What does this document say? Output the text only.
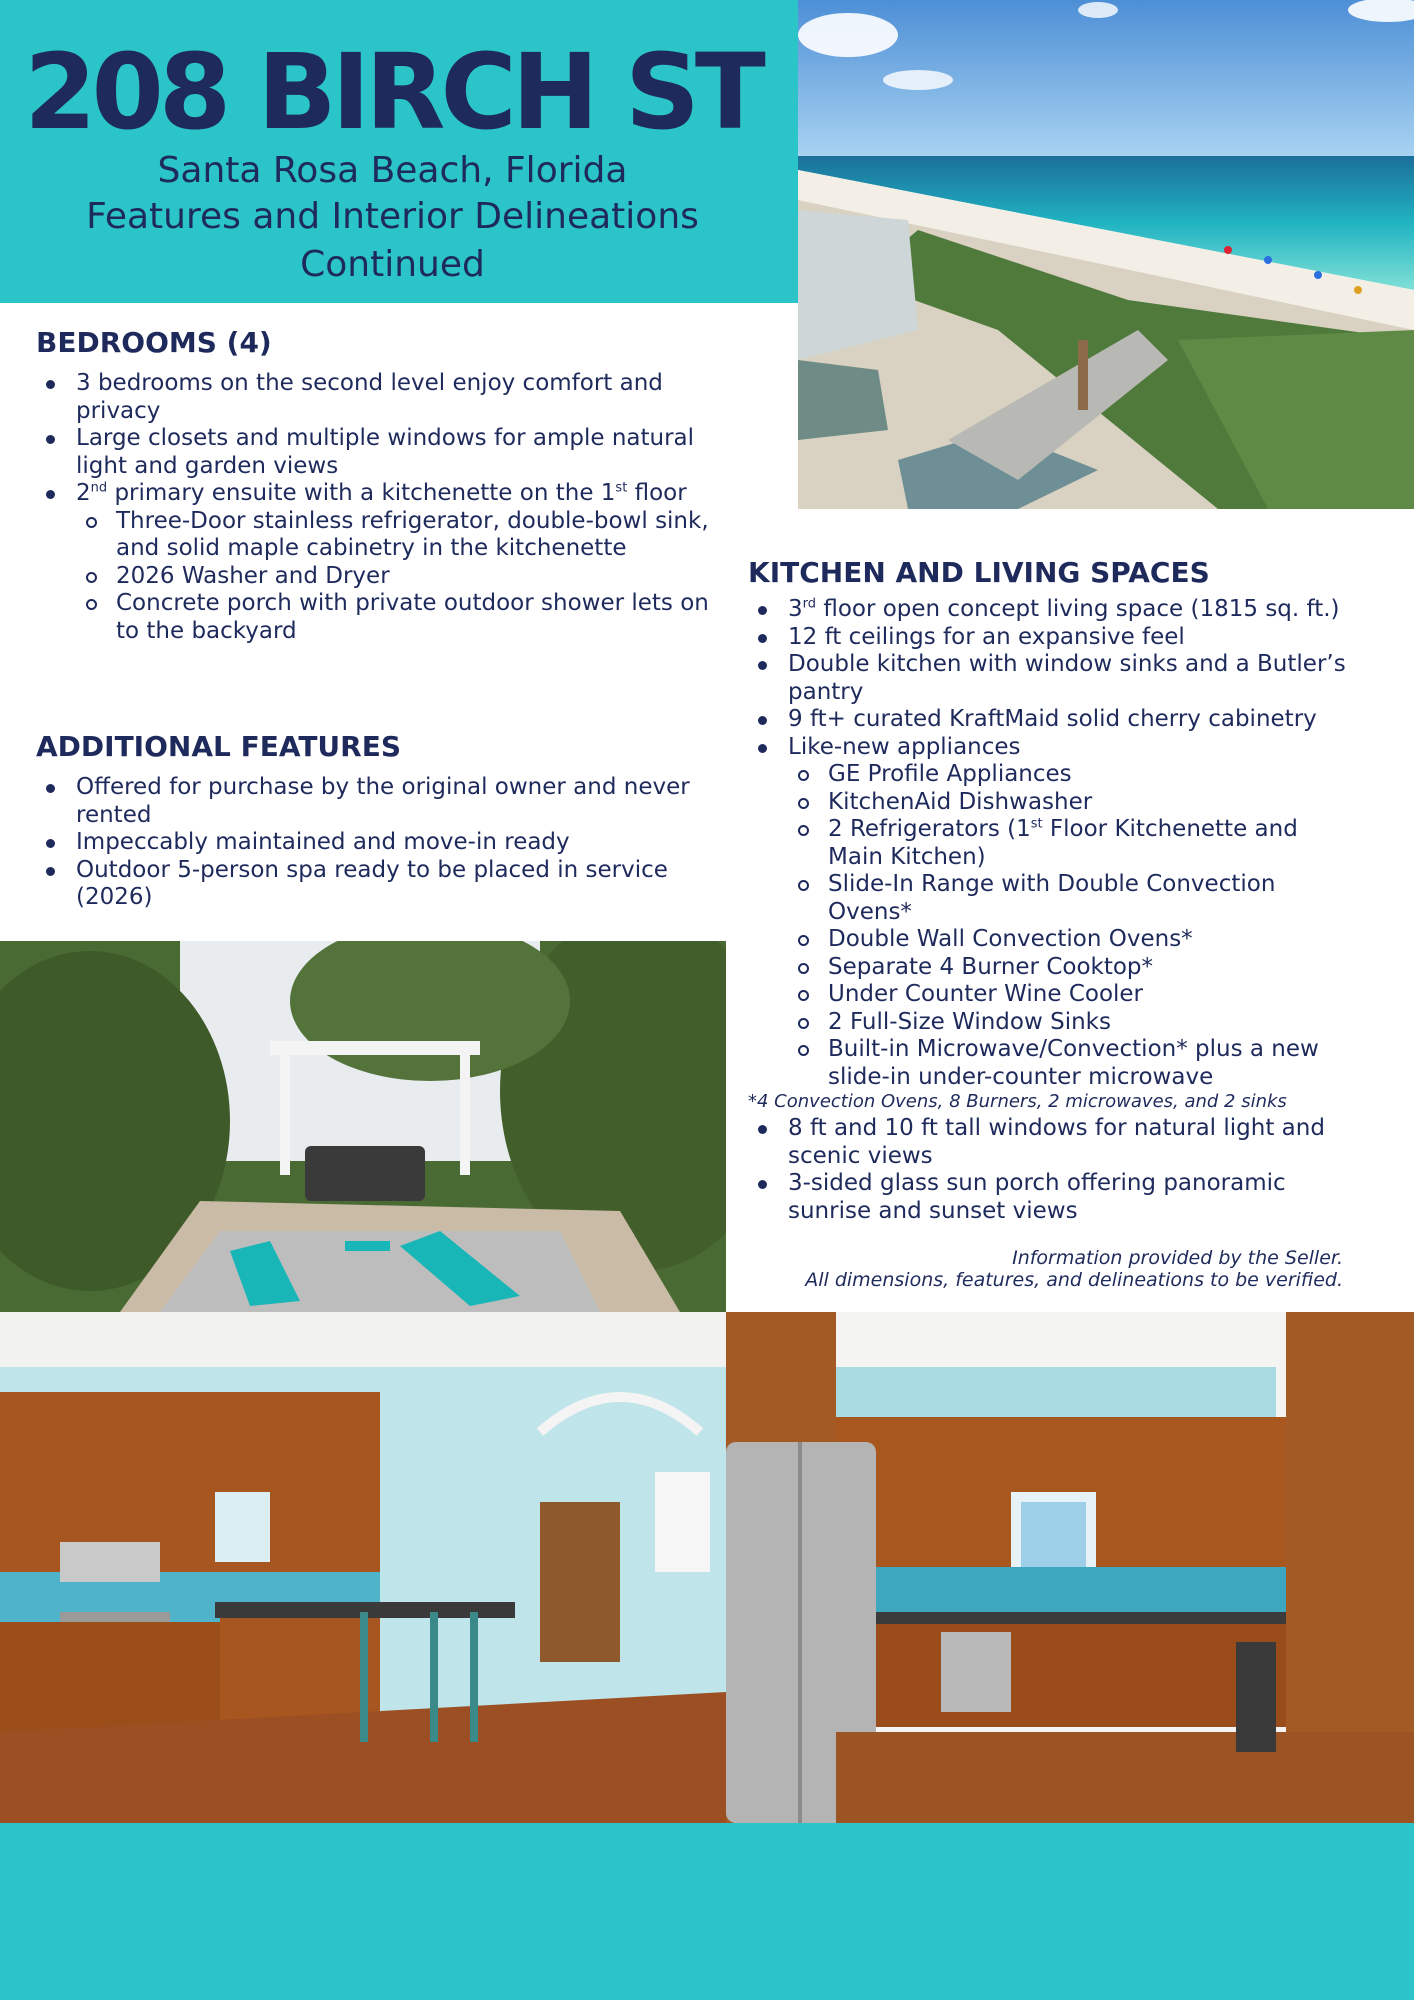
208 BIRCH ST
Santa Rosa Beach, Florida
Features and Interior Delineations
Continued
BEDROOMS (4)
3 bedrooms on the second level enjoy comfort and privacy
Large closets and multiple windows for ample natural light and garden views
2nd primary ensuite with a kitchenette on the 1st floor
Three-Door stainless refrigerator, double-bowl sink, and solid maple cabinetry in the kitchenette
2026 Washer and Dryer
Concrete porch with private outdoor shower lets on to the backyard
ADDITIONAL FEATURES
Offered for purchase by the original owner and never rented
Impeccably maintained and move-in ready
Outdoor 5-person spa ready to be placed in service (2026)
KITCHEN AND LIVING SPACES
3rd floor open concept living space (1815 sq. ft.)
12 ft ceilings for an expansive feel
Double kitchen with window sinks and a Butler’s pantry
9 ft+ curated KraftMaid solid cherry cabinetry
Like-new appliances
GE Profile Appliances
KitchenAid Dishwasher
2 Refrigerators (1st Floor Kitchenette and Main Kitchen)
Slide-In Range with Double Convection Ovens*
Double Wall Convection Ovens*
Separate 4 Burner Cooktop*
Under Counter Wine Cooler
2 Full-Size Window Sinks
Built-in Microwave/Convection* plus a new slide-in under-counter microwave
*4 Convection Ovens, 8 Burners, 2 microwaves, and 2 sinks
8 ft and 10 ft tall windows for natural light and scenic views
3-sided glass sun porch offering panoramic sunrise and sunset views
Information provided by the Seller.
All dimensions, features, and delineations to be verified.
